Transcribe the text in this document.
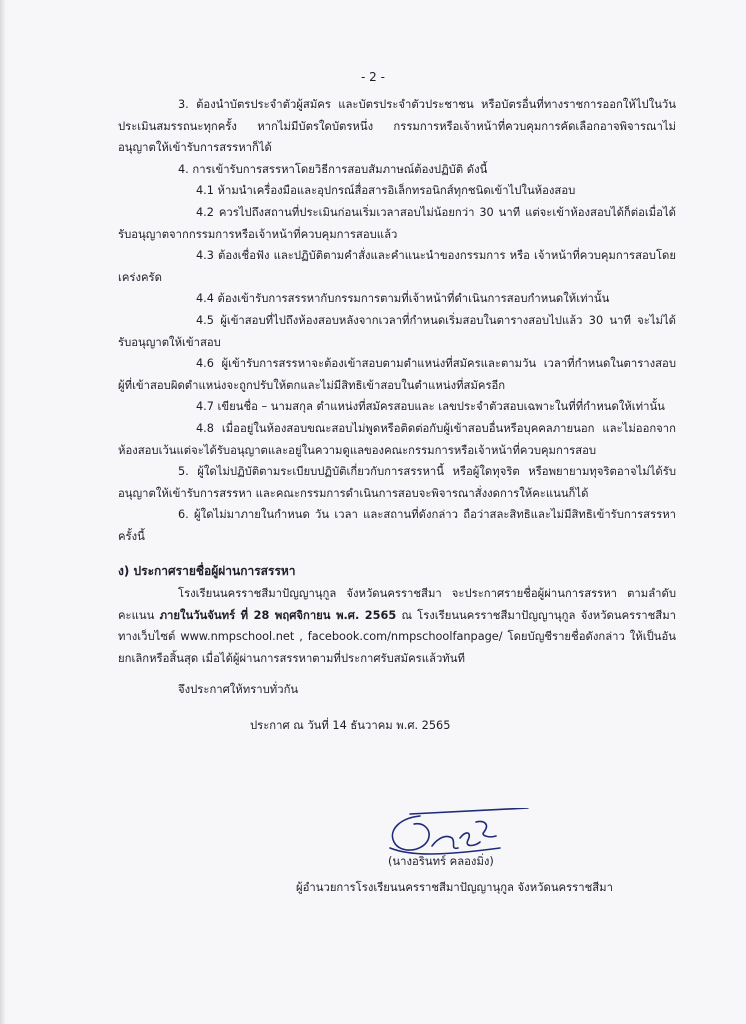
- 2 -

3. ต้องนำบัตรประจำตัวผู้สมัคร และบัตรประจำตัวประชาชน หรือบัตรอื่นที่ทางราชการออกให้ไปในวันประเมินสมรรถนะทุกครั้ง หากไม่มีบัตรใดบัตรหนึ่ง กรรมการหรือเจ้าหน้าที่ควบคุมการคัดเลือกอาจพิจารณาไม่อนุญาตให้เข้ารับการสรรหาก็ได้

4. การเข้ารับการสรรหาโดยวิธีการสอบสัมภาษณ์ต้องปฏิบัติ ดังนี้

4.1 ห้ามนำเครื่องมือและอุปกรณ์สื่อสารอิเล็กทรอนิกส์ทุกชนิดเข้าไปในห้องสอบ

4.2 ควรไปถึงสถานที่ประเมินก่อนเริ่มเวลาสอบไม่น้อยกว่า 30 นาที แต่จะเข้าห้องสอบได้ก็ต่อเมื่อได้รับอนุญาตจากกรรมการหรือเจ้าหน้าที่ควบคุมการสอบแล้ว

4.3 ต้องเชื่อฟัง และปฏิบัติตามคำสั่งและคำแนะนำของกรรมการ หรือ เจ้าหน้าที่ควบคุมการสอบโดยเคร่งครัด

4.4 ต้องเข้ารับการสรรหากับกรรมการตามที่เจ้าหน้าที่ดำเนินการสอบกำหนดให้เท่านั้น

4.5 ผู้เข้าสอบที่ไปถึงห้องสอบหลังจากเวลาที่กำหนดเริ่มสอบในตารางสอบไปแล้ว 30 นาที จะไม่ได้รับอนุญาตให้เข้าสอบ

4.6 ผู้เข้ารับการสรรหาจะต้องเข้าสอบตามตำแหน่งที่สมัครและตามวัน เวลาที่กำหนดในตารางสอบ ผู้ที่เข้าสอบผิดตำแหน่งจะถูกปรับให้ตกและไม่มีสิทธิเข้าสอบในตำแหน่งที่สมัครอีก

4.7 เขียนชื่อ – นามสกุล ตำแหน่งที่สมัครสอบและ เลขประจำตัวสอบเฉพาะในที่ที่กำหนดให้เท่านั้น

4.8 เมื่ออยู่ในห้องสอบขณะสอบไม่พูดหรือติดต่อกับผู้เข้าสอบอื่นหรือบุคคลภายนอก และไม่ออกจากห้องสอบเว้นแต่จะได้รับอนุญาตและอยู่ในความดูแลของคณะกรรมการหรือเจ้าหน้าที่ควบคุมการสอบ

5. ผู้ใดไม่ปฏิบัติตามระเบียบปฏิบัติเกี่ยวกับการสรรหานี้ หรือผู้ใดทุจริต หรือพยายามทุจริตอาจไม่ได้รับอนุญาตให้เข้ารับการสรรหา และคณะกรรมการดำเนินการสอบจะพิจารณาสั่งงดการให้คะแนนก็ได้

6. ผู้ใดไม่มาภายในกำหนด วัน เวลา และสถานที่ดังกล่าว ถือว่าสละสิทธิและไม่มีสิทธิเข้ารับการสรรหาครั้งนี้

ง) ประกาศรายชื่อผู้ผ่านการสรรหา

โรงเรียนนครราชสีมาปัญญานุกูล จังหวัดนครราชสีมา จะประกาศรายชื่อผู้ผ่านการสรรหา ตามลำดับคะแนน ภายในวันจันทร์ ที่ 28 พฤศจิกายน พ.ศ. 2565 ณ โรงเรียนนครราชสีมาปัญญานุกูล จังหวัดนครราชสีมา ทางเว็บไซต์ www.nmpschool.net , facebook.com/nmpschoolfanpage/ โดยบัญชีรายชื่อดังกล่าว ให้เป็นอันยกเลิกหรือสิ้นสุด เมื่อได้ผู้ผ่านการสรรหาตามที่ประกาศรับสมัครแล้วทันที

จึงประกาศให้ทราบทั่วกัน

ประกาศ ณ วันที่ 14 ธันวาคม พ.ศ. 2565

(นางอรินทร์ คลองมิ่ง)
ผู้อำนวยการโรงเรียนนครราชสีมาปัญญานุกูล จังหวัดนครราชสีมา
